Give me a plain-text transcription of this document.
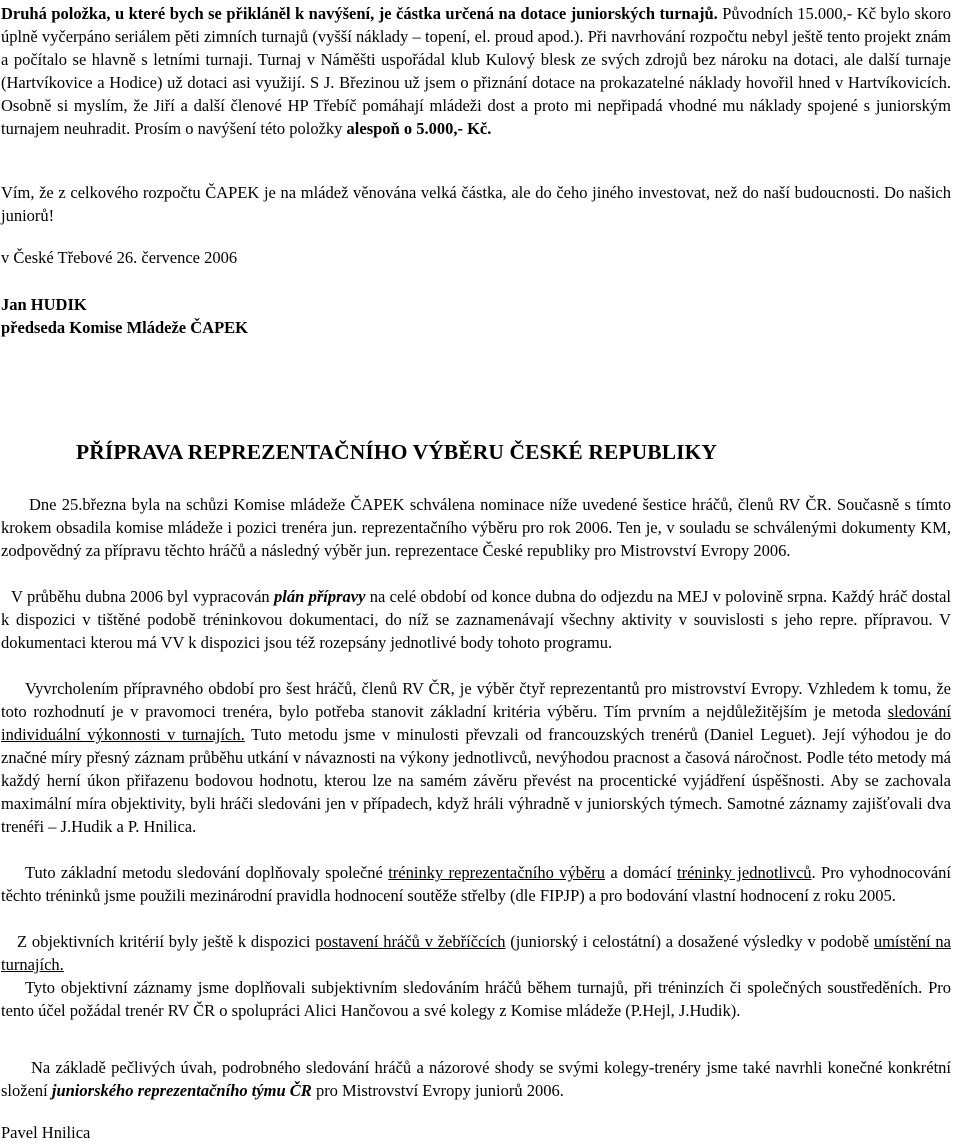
Druhá položka, u které bych se přikláněl k navýšení, je částka určená na dotace juniorských turnajů. Původních 15.000,- Kč bylo skoro úplně vyčerpáno seriálem pěti zimních turnajů (vyšší náklady – topení, el. proud apod.). Při navrhování rozpočtu nebyl ještě tento projekt znám a počítalo se hlavně s letními turnaji. Turnaj v Náměšti uspořádal klub Kulový blesk ze svých zdrojů bez nároku na dotaci, ale další turnaje (Hartvíkovice a Hodice) už dotaci asi využijí. S J. Březinou už jsem o přiznání dotace na prokazatelné náklady hovořil hned v Hartvíkovicích. Osobně si myslím, že Jiří a další členové HP Třebíč pomáhají mládeži dost a proto mi nepřipadá vhodné mu náklady spojené s juniorským turnajem neuhradit. Prosím o navýšení této položky alespoň o 5.000,- Kč.

Vím, že z celkového rozpočtu ČAPEK je na mládež věnována velká částka, ale do čeho jiného investovat, než do naší budoucnosti. Do našich juniorů!

v České Třebové 26. července 2006

Jan HUDIK

předseda Komise Mládeže ČAPEK

PŘÍPRAVA REPREZENTAČNÍHO VÝBĚRU ČESKÉ REPUBLIKY

Dne 25.března byla na schůzi Komise mládeže ČAPEK schválena nominace níže uvedené šestice hráčů, členů RV ČR. Současně s tímto krokem obsadila komise mládeže i pozici trenéra jun. reprezentačního výběru pro rok 2006. Ten je, v souladu se schválenými dokumenty KM, zodpovědný za přípravu těchto hráčů a následný výběr jun. reprezentace České republiky pro Mistrovství Evropy 2006.

V průběhu dubna 2006 byl vypracován plán přípravy na celé období od konce dubna do odjezdu na MEJ v polovině srpna. Každý hráč dostal k dispozici v tištěné podobě tréninkovou dokumentaci, do níž se zaznamenávají všechny aktivity v souvislosti s jeho repre. přípravou. V dokumentaci kterou má VV k dispozici jsou též rozepsány jednotlivé body tohoto programu.

Vyvrcholením přípravného období pro šest hráčů, členů RV ČR, je výběr čtyř reprezentantů pro mistrovství Evropy. Vzhledem k tomu, že toto rozhodnutí je v pravomoci trenéra, bylo potřeba stanovit základní kritéria výběru. Tím prvním a nejdůležitějším je metoda sledování individuální výkonnosti v turnajích. Tuto metodu jsme v minulosti převzali od francouzských trenérů (Daniel Leguet). Její výhodou je do značné míry přesný záznam průběhu utkání v návaznosti na výkony jednotlivců, nevýhodou pracnost a časová náročnost. Podle této metody má každý herní úkon přiřazenu bodovou hodnotu, kterou lze na samém závěru převést na procentické vyjádření úspěšnosti. Aby se zachovala maximální míra objektivity, byli hráči sledováni jen v případech, když hráli výhradně v juniorských týmech. Samotné záznamy zajišťovali dva trenéři – J.Hudik a P. Hnilica.

Tuto základní metodu sledování doplňovaly společné tréninky reprezentačního výběru a domácí tréninky jednotlivců. Pro vyhodnocování těchto tréninků jsme použili mezinárodní pravidla hodnocení soutěže střelby (dle FIPJP) a pro bodování vlastní hodnocení z roku 2005.

Z objektivních kritérií byly ještě k dispozici postavení hráčů v žebříčcích (juniorský i celostátní) a dosažené výsledky v podobě umístění na turnajích.

Tyto objektivní záznamy jsme doplňovali subjektivním sledováním hráčů během turnajů, při tréninzích či společných soustředěních. Pro tento účel požádal trenér RV ČR o spolupráci Alici Hančovou a své kolegy z Komise mládeže (P.Hejl, J.Hudik).

Na základě pečlivých úvah, podrobného sledování hráčů a názorové shody se svými kolegy-trenéry jsme také navrhli konečné konkrétní složení juniorského reprezentačního týmu ČR pro Mistrovství Evropy juniorů 2006.

Pavel Hnilica
